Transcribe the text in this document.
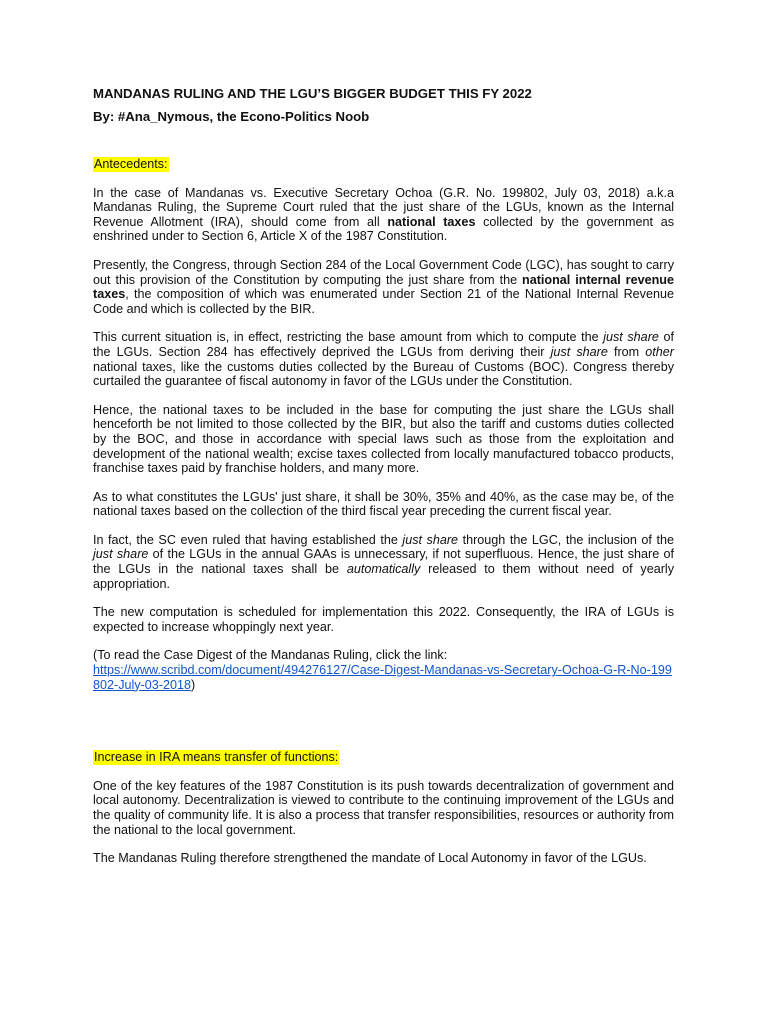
MANDANAS RULING AND THE LGU’S BIGGER BUDGET THIS FY 2022
By: #Ana_Nymous, the Econo-Politics Noob
Antecedents:

In the case of Mandanas vs. Executive Secretary Ochoa (G.R. No. 199802, July 03, 2018) a.k.a Mandanas Ruling, the Supreme Court ruled that the just share of the LGUs, known as the Internal Revenue Allotment (IRA), should come from all national taxes collected by the government as enshrined under to Section 6, Article X of the 1987 Constitution.

Presently, the Congress, through Section 284 of the Local Government Code (LGC), has sought to carry out this provision of the Constitution by computing the just share from the national internal revenue taxes, the composition of which was enumerated under Section 21 of the National Internal Revenue Code and which is collected by the BIR.

This current situation is, in effect, restricting the base amount from which to compute the just share of the LGUs. Section 284 has effectively deprived the LGUs from deriving their just share from other national taxes, like the customs duties collected by the Bureau of Customs (BOC). Congress thereby curtailed the guarantee of fiscal autonomy in favor of the LGUs under the Constitution.

Hence, the national taxes to be included in the base for computing the just share the LGUs shall henceforth be not limited to those collected by the BIR, but also the tariff and customs duties collected by the BOC, and those in accordance with special laws such as those from the exploitation and development of the national wealth; excise taxes collected from locally manufactured tobacco products, franchise taxes paid by franchise holders, and many more.

As to what constitutes the LGUs' just share, it shall be 30%, 35% and 40%, as the case may be, of the national taxes based on the collection of the third fiscal year preceding the current fiscal year.

In fact, the SC even ruled that having established the just share through the LGC, the inclusion of the just share of the LGUs in the annual GAAs is unnecessary, if not superfluous. Hence, the just share of the LGUs in the national taxes shall be automatically released to them without need of yearly appropriation.

The new computation is scheduled for implementation this 2022. Consequently, the IRA of LGUs is expected to increase whoppingly next year.

(To read the Case Digest of the Mandanas Ruling, click the link:
https://www.scribd.com/document/494276127/Case-Digest-Mandanas-vs-Secretary-Ochoa-G-R-No-199802-July-03-2018)

Increase in IRA means transfer of functions:

One of the key features of the 1987 Constitution is its push towards decentralization of government and local autonomy. Decentralization is viewed to contribute to the continuing improvement of the LGUs and the quality of community life. It is also a process that transfer responsibilities, resources or authority from the national to the local government.

The Mandanas Ruling therefore strengthened the mandate of Local Autonomy in favor of the LGUs.
